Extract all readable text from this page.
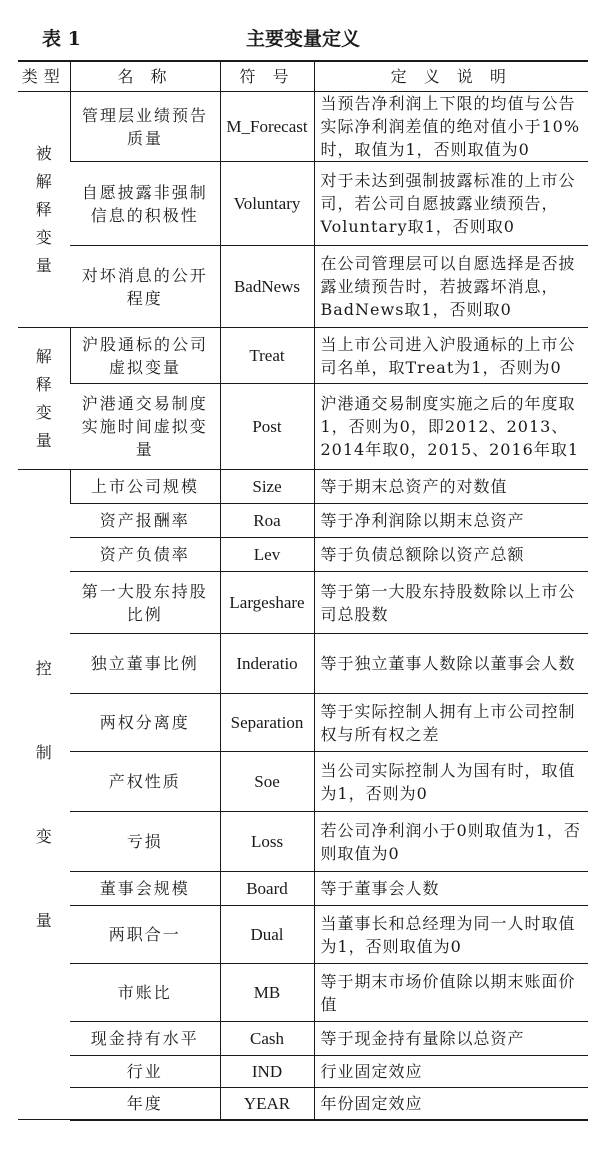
表 1	主要变量定义
类型	名 称	符 号	定 义 说 明

被解释变量	管理层业绩预告质量	M_Forecast	当预告净利润上下限的均值与公告实际净利润差值的绝对值小于10%时，取值为1，否则取值为0
	自愿披露非强制信息的积极性	Voluntary	对于未达到强制披露标准的上市公司，若公司自愿披露业绩预告，Voluntary取1，否则取0
	对坏消息的公开程度	BadNews	在公司管理层可以自愿选择是否披露业绩预告时，若披露坏消息，BadNews取1，否则取0

解释变量	沪股通标的公司虚拟变量	Treat	当上市公司进入沪股通标的上市公司名单，取Treat为1，否则为0
	沪港通交易制度实施时间虚拟变量	Post	沪港通交易制度实施之后的年度取1，否则为0，即2012、2013、2014年取0，2015、2016年取1

控制变量	上市公司规模	Size	等于期末总资产的对数值
	资产报酬率	Roa	等于净利润除以期末总资产
	资产负债率	Lev	等于负债总额除以资产总额
	第一大股东持股比例	Largeshare	等于第一大股东持股数除以上市公司总股数
	独立董事比例	Inderatio	等于独立董事人数除以董事会人数
	两权分离度	Separation	等于实际控制人拥有上市公司控制权与所有权之差
	产权性质	Soe	当公司实际控制人为国有时，取值为1，否则为0
	亏损	Loss	若公司净利润小于0则取值为1，否则取值为0
	董事会规模	Board	等于董事会人数
	两职合一	Dual	当董事长和总经理为同一人时取值为1，否则取值为0
	市账比	MB	等于期末市场价值除以期末账面价值
	现金持有水平	Cash	等于现金持有量除以总资产
	行业	IND	行业固定效应
	年度	YEAR	年份固定效应
